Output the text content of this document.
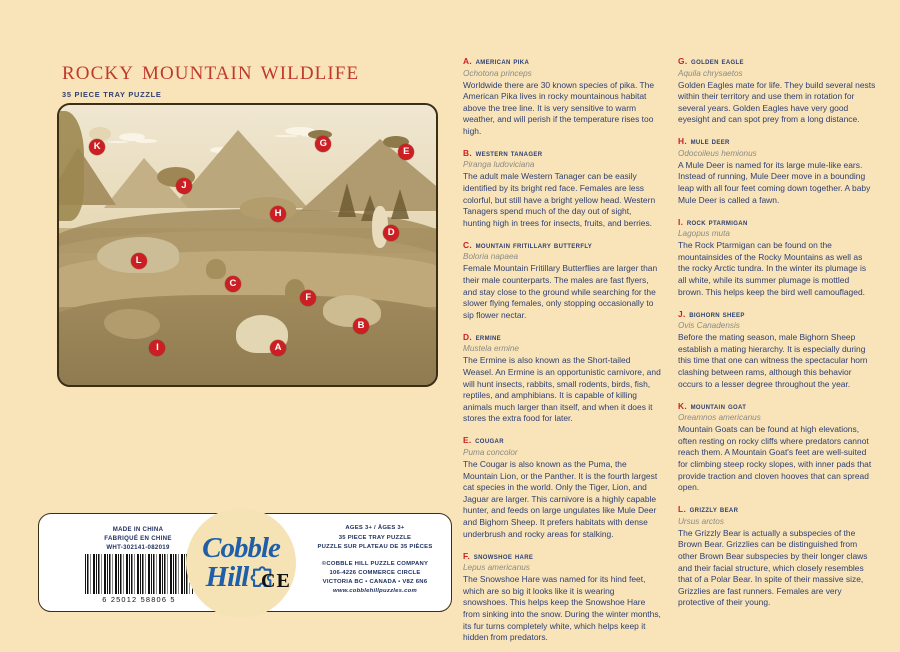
rocky mountain wildlife
35 PIECE TRAY PUZZLE
K
J
G
E
H
D
L
C
F
B
I	A
A. american pika
Ochotona princeps
Worldwide there are 30 known species of pika. The American Pika lives in rocky mountainous habitat above the tree line. It is very sensitive to warm weather, and will perish if the temperature rises too high.
B. western tanager
Piranga ludoviciana
The adult male Western Tanager can be easily identified by its bright red face. Females are less colorful, but still have a bright yellow head. Western Tanagers spend much of the day out of sight, hunting high in trees for insects, fruits, and berries.
C. mountain fritillary butterfly
Boloria napaea
Female Mountain Fritillary Butterflies are larger than their male counterparts. The males are fast flyers, and stay close to the ground while searching for the slower flying females, only stopping occasionally to sip flower nectar.
D. ermine
Mustela ermine
The Ermine is also known as the Short-tailed Weasel. An Ermine is an opportunistic carnivore, and will hunt insects, rabbits, small rodents, birds, fish, reptiles, and amphibians. It is capable of killing animals much larger than itself, and when it does it stores the extra food for later.
E. cougar
Puma concolor
The Cougar is also known as the Puma, the Mountain Lion, or the Panther. It is the fourth largest cat species in the world. Only the Tiger, Lion, and Jaguar are larger. This carnivore is a highly capable hunter, and feeds on large ungulates like Mule Deer and Bighorn Sheep. It prefers habitats with dense underbrush and rocky areas for stalking.
F. snowshoe hare
Lepus americanus
The Snowshoe Hare was named for its hind feet, which are so big it looks like it is wearing snowshoes. This helps keep the Snowshoe Hare from sinking into the snow. During the winter months, its fur turns completely white, which helps keep it hidden from predators.
G. golden eagle
Aquila chrysaetos
Golden Eagles mate for life. They build several nests within their territory and use them in rotation for several years. Golden Eagles have very good eyesight and can spot prey from a long distance.
H. mule deer
Odocoileus hemionus
A Mule Deer is named for its large mule-like ears. Instead of running, Mule Deer move in a bounding leap with all four feet coming down together. A baby Mule Deer is called a fawn.
I. rock ptarmigan
Lagopus muta
The Rock Ptarmigan can be found on the mountainsides of the Rocky Mountains as well as the rocky Arctic tundra. In the winter its plumage is all white, while its summer plumage is mottled brown. This helps keep the bird well camouflaged.
J. bighorn sheep
Ovis Canadensis
Before the mating season, male Bighorn Sheep establish a mating hierarchy. It is especially during this time that one can witness the spectacular horn clashing between rams, although this behavior occurs to a lesser degree throughout the year.
K. mountain goat
Oreamnos americanus
Mountain Goats can be found at high elevations, often resting on rocky cliffs where predators cannot reach them. A Mountain Goat's feet are well-suited for climbing steep rocky slopes, with inner pads that provide traction and cloven hooves that can spread open.
L. grizzly bear
Ursus arctos
The Grizzly Bear is actually a subspecies of the Brown Bear. Grizzlies can be distinguished from other Brown Bear subspecies by their longer claws and their facial structure, which closely resembles that of a Polar Bear. In spite of their massive size, Grizzlies are fast runners. Females are very protective of their young.
MADE IN CHINA
FABRIQUÉ EN CHINE
WHT-302141-082019
6 25012 58806 5
Cobble
Hill CE
AGES 3+ / ÂGES 3+
35 PIECE TRAY PUZZLE
PUZZLE SUR PLATEAU DE 35 PIÈCES
©COBBLE HILL PUZZLE COMPANY
106-4226 COMMERCE CIRCLE
VICTORIA BC • CANADA • V8Z 6N6
www.cobblehillpuzzles.com
